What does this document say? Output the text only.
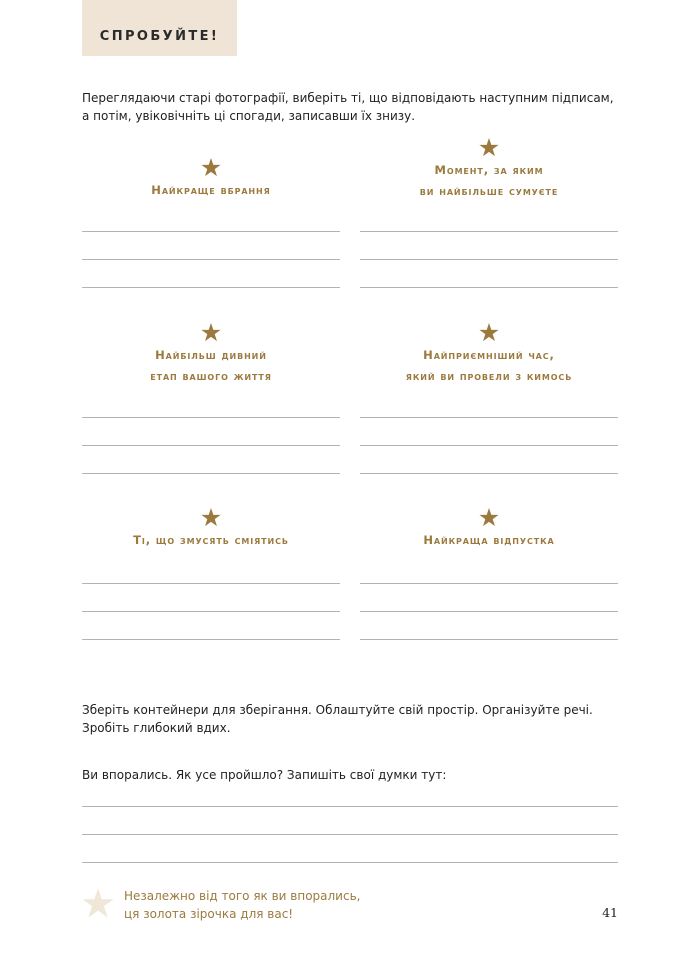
СПРОБУЙТЕ!

Переглядаючи старі фотографії, виберіть ті, що відповідають наступним підписам,
а потім, увіковічніть ці спогади, записавши їх знизу.

Найкраще вбрання
Момент, за яким
ви найбільше сумуєте
Найбільш дивний
етап вашого життя
Найприємніший час,
який ви провели з кимось
Ті, що змусять сміятись	Найкраща відпустка

Зберіть контейнери для зберігання. Облаштуйте свій простір. Організуйте речі.
Зробіть глибокий вдих.

Ви впорались. Як усе пройшло? Запишіть свої думки тут:

Незалежно від того як ви впорались,
ця золота зірочка для вас!	41
